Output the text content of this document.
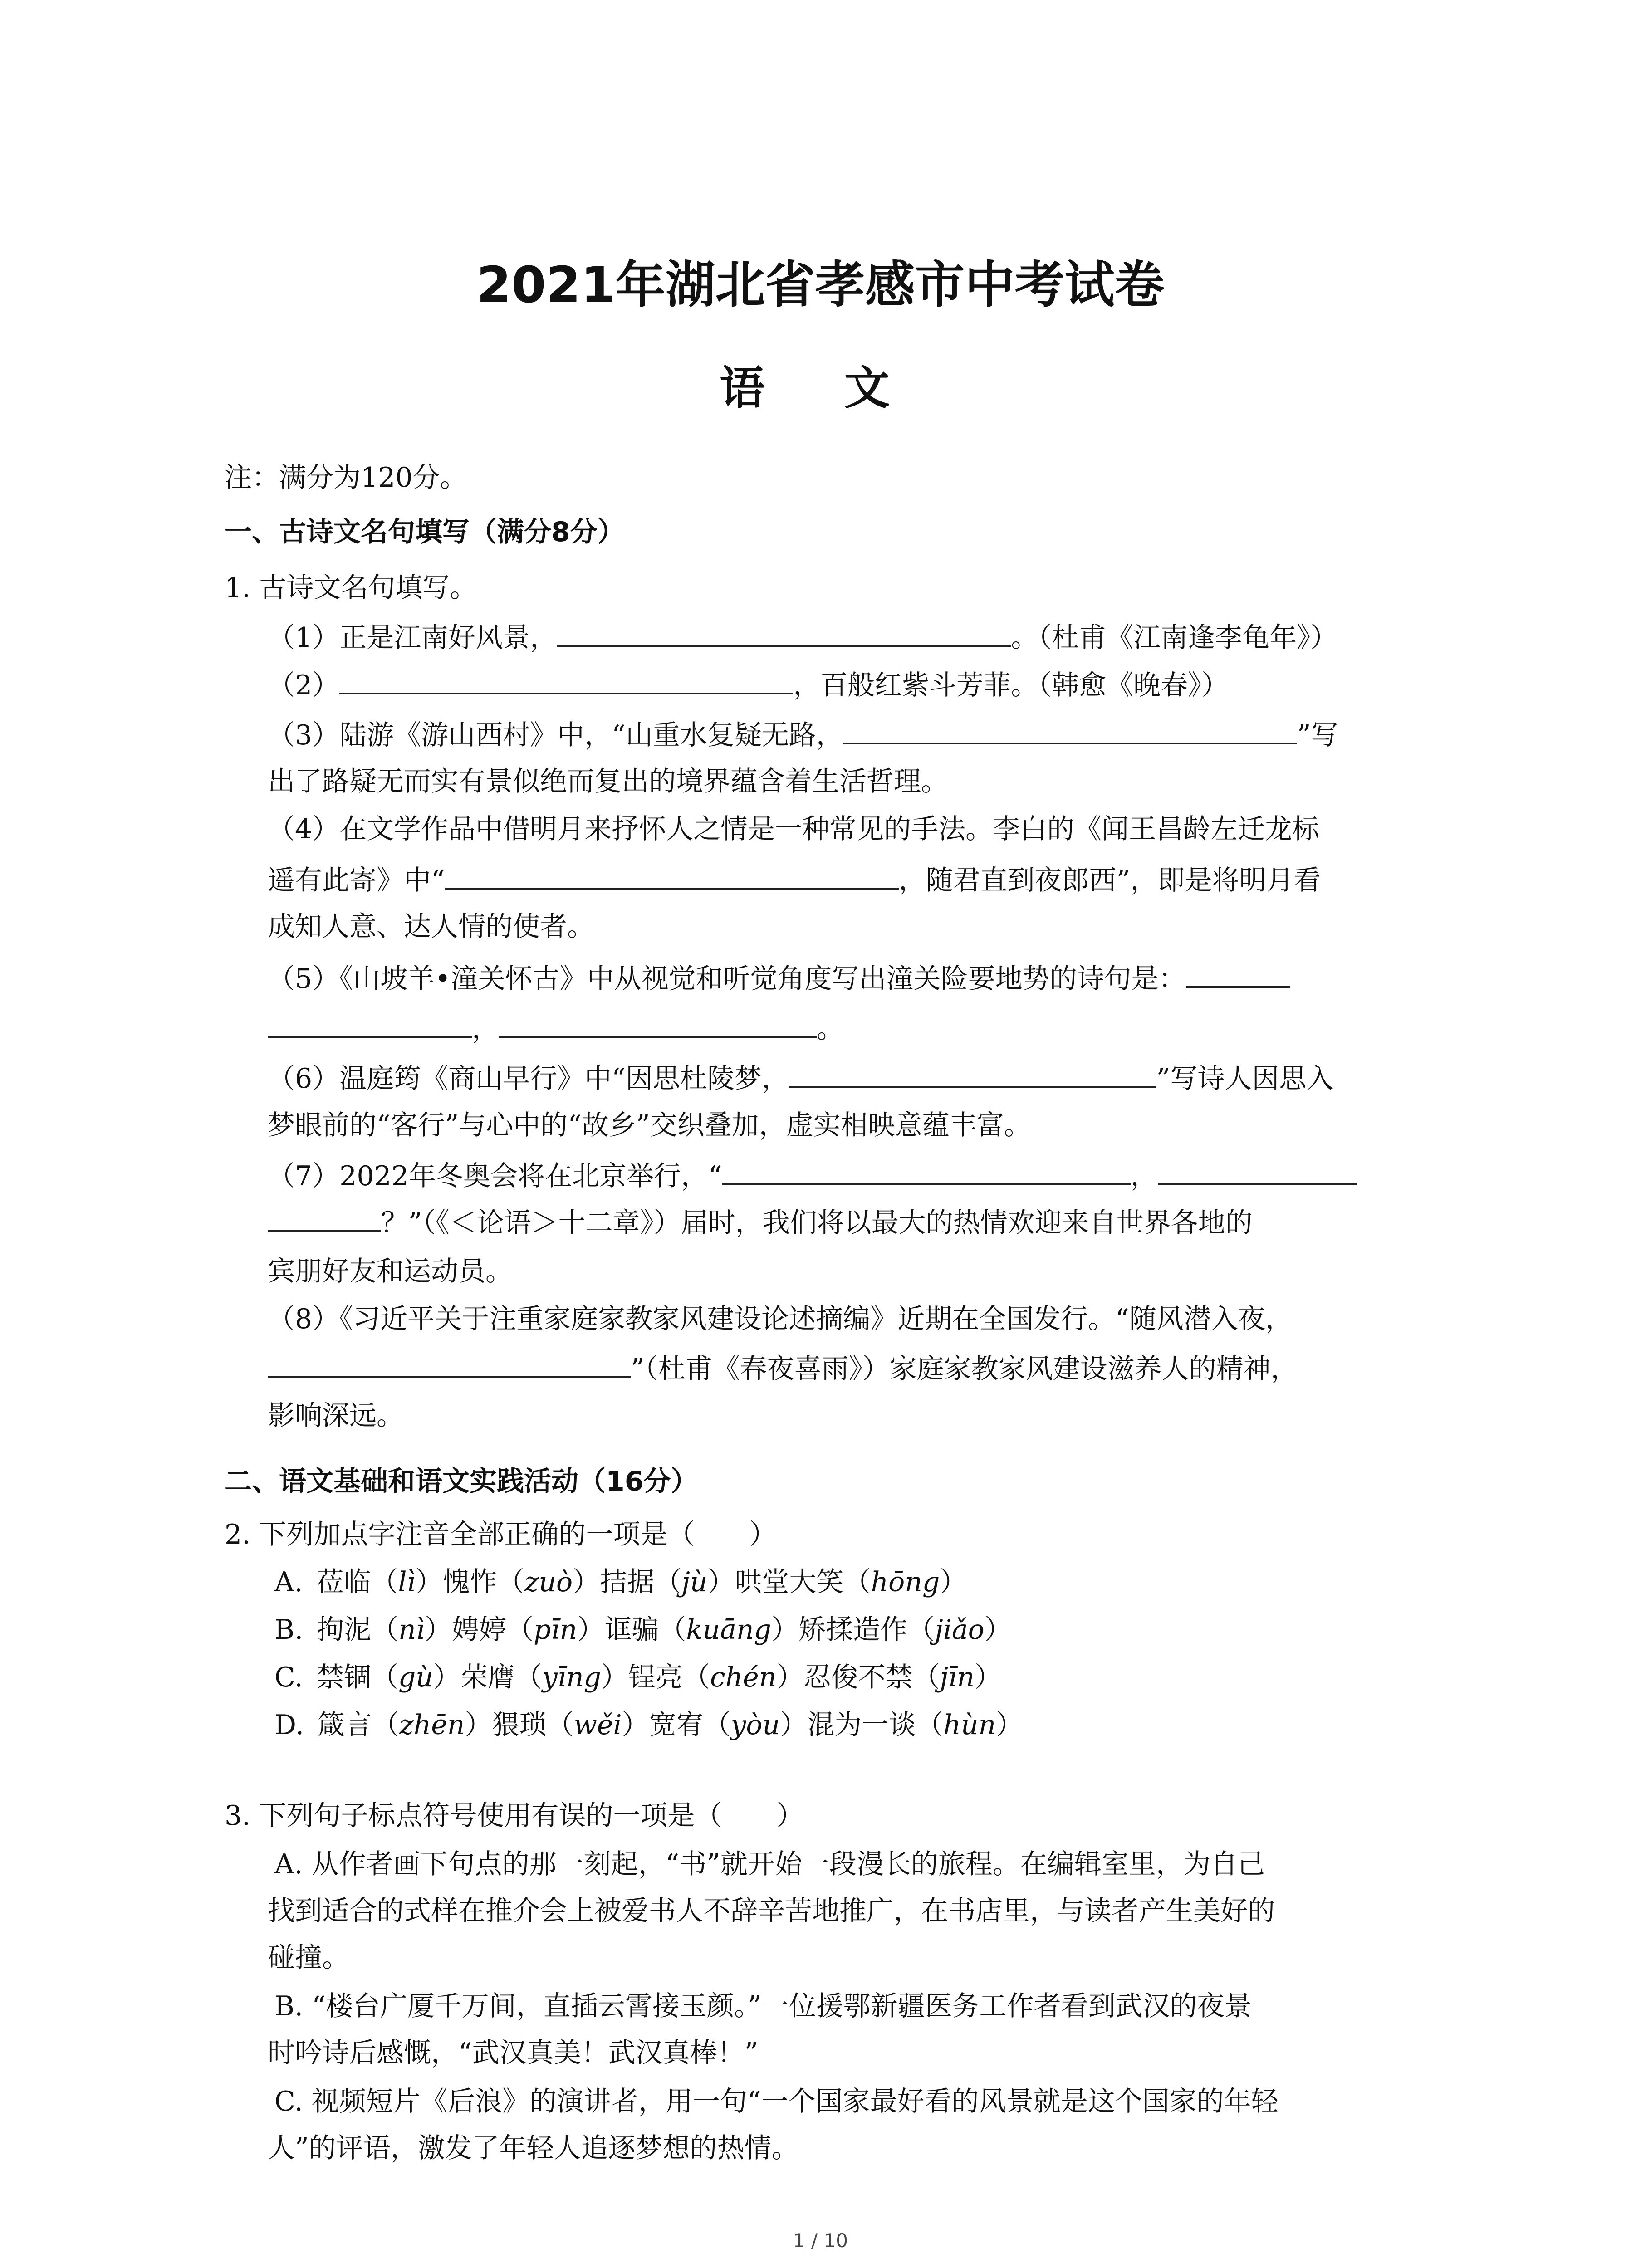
2021年湖北省孝感市中考试卷
语 文
注：满分为120分。
一、古诗文名句填写（满分8分）
1. 古诗文名句填写。
（1）正是江南好风景，	。（杜甫《江南逢李龟年》）
（2）	，百般红紫斗芳菲。（韩愈《晚春》）
（3）陆游《游山西村》中，“山重水复疑无路，	”写
出了路疑无而实有景似绝而复出的境界蕴含着生活哲理。
（4）在文学作品中借明月来抒怀人之情是一种常见的手法。李白的《闻王昌龄左迁龙标
遥有此寄》中“	，随君直到夜郎西”，即是将明月看
成知人意、达人情的使者。
（5）《山坡羊•潼关怀古》中从视觉和听觉角度写出潼关险要地势的诗句是：
，	。
（6）温庭筠《商山早行》中“因思杜陵梦，	”写诗人因思入
梦眼前的“客行”与心中的“故乡”交织叠加，虚实相映意蕴丰富。
（7）2022年冬奥会将在北京举行，“	，
？”（《＜论语＞十二章》）届时，我们将以最大的热情欢迎来自世界各地的
宾朋好友和运动员。
（8）《习近平关于注重家庭家教家风建设论述摘编》近期在全国发行。“随风潜入夜，
”（杜甫《春夜喜雨》）家庭家教家风建设滋养人的精神，
影响深远。
二、语文基础和语文实践活动（16分）
2. 下列加点字注音全部正确的一项是（　　）
A. 莅临（lì）愧怍（zuò）拮据（jù）哄堂大笑（hōng）
B. 拘泥（nì）娉婷（pīn）诓骗（kuāng）矫揉造作（jiǎo）
C. 禁锢（gù）荣膺（yīng）锃亮（chén）忍俊不禁（jīn）
D. 箴言（zhēn）猥琐（wěi）宽宥（yòu）混为一谈（hùn）
3. 下列句子标点符号使用有误的一项是（　　）
A. 从作者画下句点的那一刻起，“书”就开始一段漫长的旅程。在编辑室里，为自己
找到适合的式样在推介会上被爱书人不辞辛苦地推广，在书店里，与读者产生美好的
碰撞。
B. “楼台广厦千万间，直插云霄接玉颜。”一位援鄂新疆医务工作者看到武汉的夜景
时吟诗后感慨，“武汉真美！武汉真棒！”
C. 视频短片《后浪》的演讲者，用一句“一个国家最好看的风景就是这个国家的年轻
人”的评语，激发了年轻人追逐梦想的热情。
1 / 10
